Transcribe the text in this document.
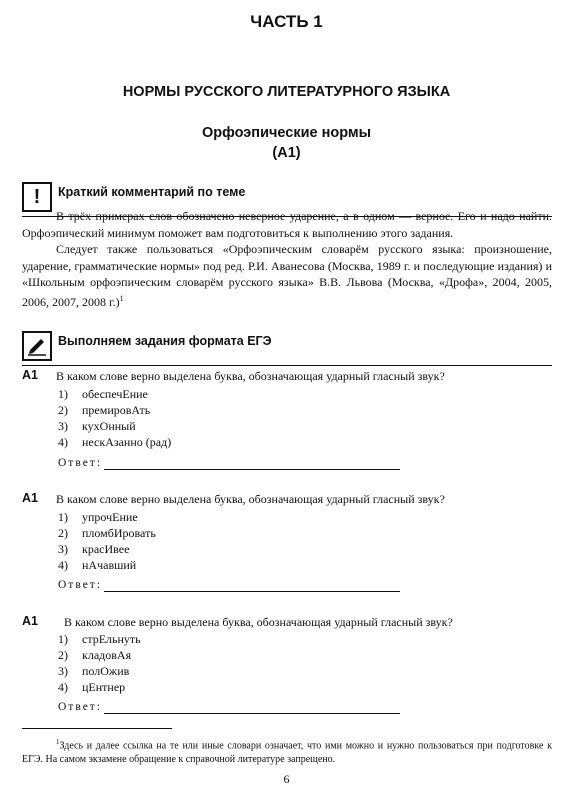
ЧАСТЬ 1
НОРМЫ РУССКОГО ЛИТЕРАТУРНОГО ЯЗЫКА
Орфоэпические нормы
(А1)
!	Краткий комментарий по теме
В трёх примерах слов обозначено неверное ударение, а в одном — верное. Его и надо найти. Орфоэпический минимум поможет вам подготовиться к выполнению этого задания.
Следует также пользоваться «Орфоэпическим словарём русского языка: произношение, ударение, грамматические нормы» под ред. Р.И. Аванесова (Москва, 1989 г. и последующие издания) и «Школьным орфоэпическим словарём русского языка» В.В. Львова (Москва, «Дрофа», 2004, 2005, 2006, 2007, 2008 г.)$^1$
Выполняем задания формата ЕГЭ
А1 В каком слове верно выделена буква, обозначающая ударный гласный звук?
1) обеспечЕние
2) премировАть
3) кухОнный
4) нескАзанно (рад)
Ответ:
А1 В каком слове верно выделена буква, обозначающая ударный гласный звук?
1) упрочЕние
2) пломбИровать
3) красИвее
4) нАчавший
Ответ:
А1 В каком слове верно выделена буква, обозначающая ударный гласный звук?
1) стрЕльнуть
2) кладовАя
3) полОжив
4) цЕнтнер
Ответ:
$^1$Здесь и далее ссылка на те или иные словари означает, что ими можно и нужно пользоваться при подготовке к ЕГЭ. На самом экзамене обращение к справочной литературе запрещено.
6
